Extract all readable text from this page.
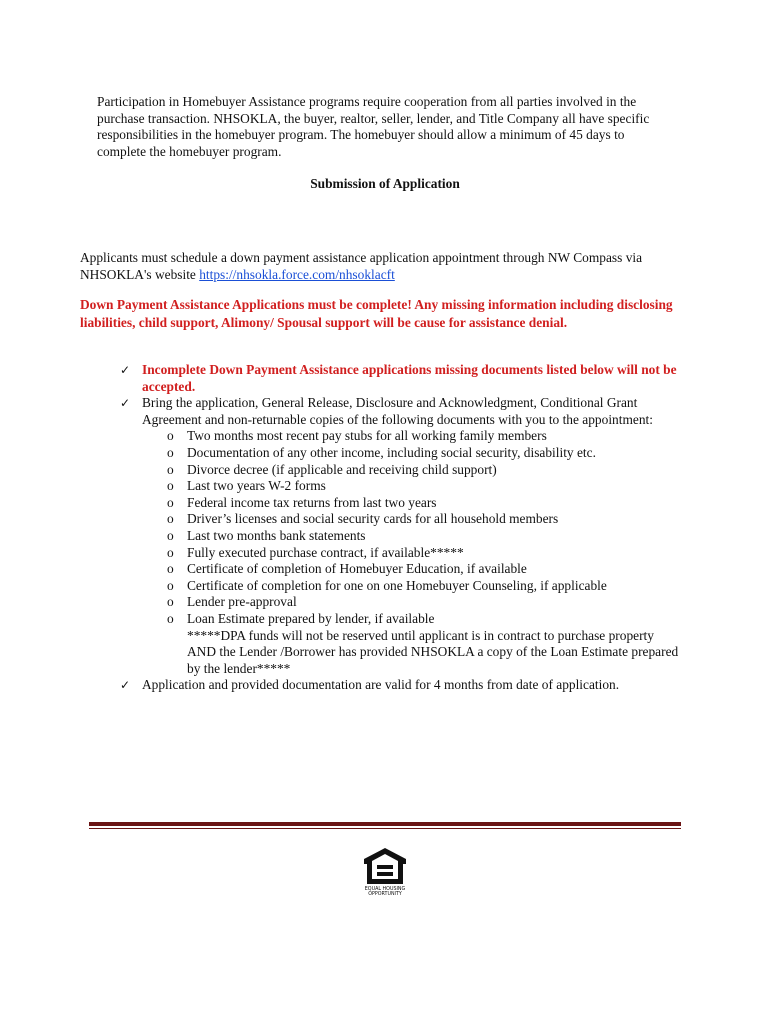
Participation in Homebuyer Assistance programs require cooperation from all parties involved in the purchase transaction. NHSOKLA, the buyer, realtor, seller, lender, and Title Company all have specific responsibilities in the homebuyer program. The homebuyer should allow a minimum of 45 days to complete the homebuyer program.

Submission of Application

Applicants must schedule a down payment assistance application appointment through NW Compass via NHSOKLA's website https://nhsokla.force.com/nhsoklacft

Down Payment Assistance Applications must be complete! Any missing information including disclosing liabilities, child support, Alimony/ Spousal support will be cause for assistance denial.

✓ Incomplete Down Payment Assistance applications missing documents listed below will not be accepted.
✓ Bring the application, General Release, Disclosure and Acknowledgment, Conditional Grant Agreement and non-returnable copies of the following documents with you to the appointment:
o Two months most recent pay stubs for all working family members
o Documentation of any other income, including social security, disability etc.
o Divorce decree (if applicable and receiving child support)
o Last two years W-2 forms
o Federal income tax returns from last two years
o Driver’s licenses and social security cards for all household members
o Last two months bank statements
o Fully executed purchase contract, if available*****
o Certificate of completion of Homebuyer Education, if available
o Certificate of completion for one on one Homebuyer Counseling, if applicable
o Lender pre-approval
o Loan Estimate prepared by lender, if available
*****DPA funds will not be reserved until applicant is in contract to purchase property AND the Lender /Borrower has provided NHSOKLA a copy of the Loan Estimate prepared by the lender*****
✓ Application and provided documentation are valid for 4 months from date of application.
EQUAL HOUSING
OPPORTUNITY
